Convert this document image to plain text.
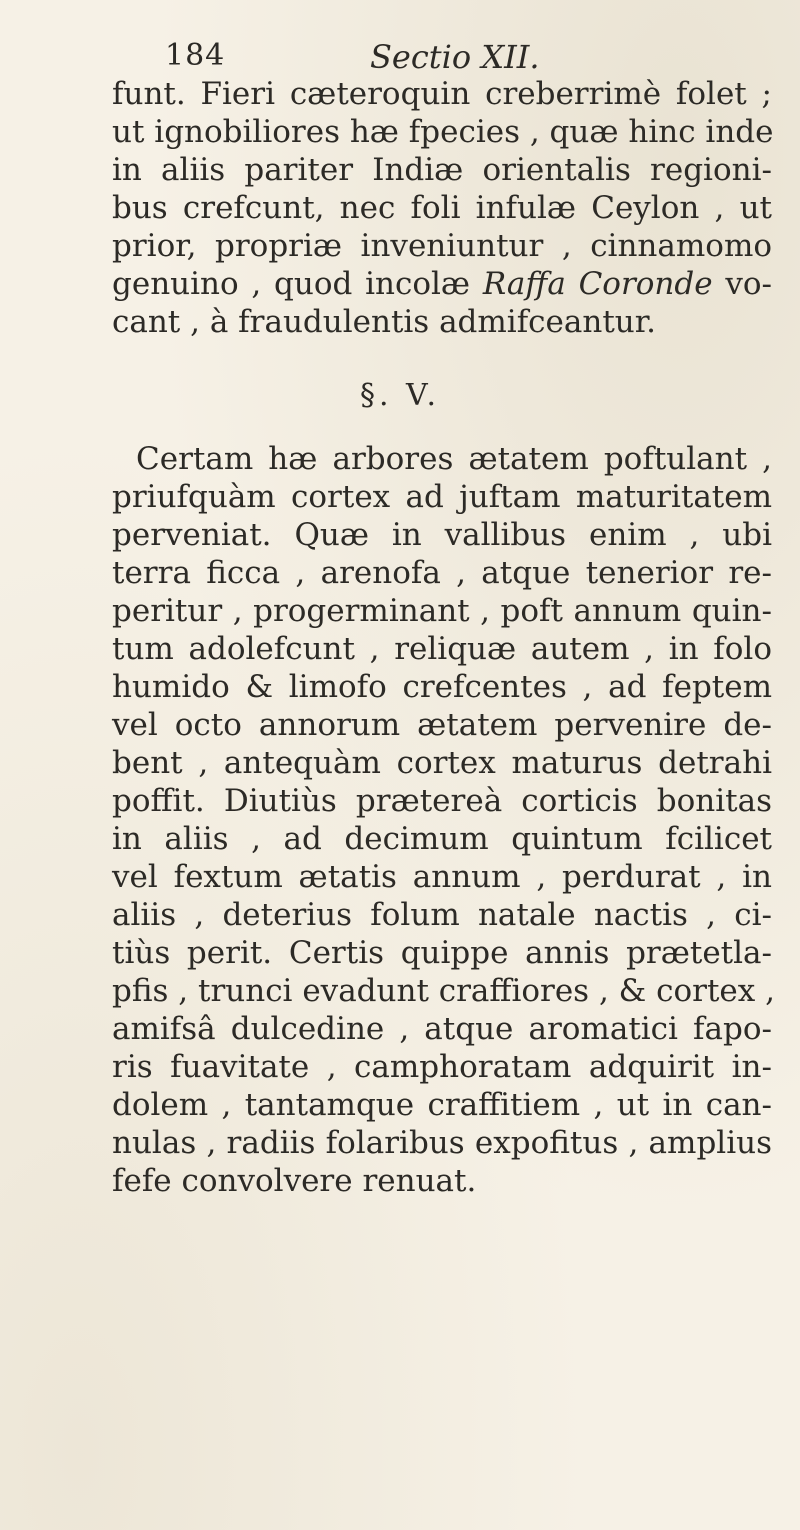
184	Sectio XII.
funt. Fieri cæteroquin creberrimè folet ;
ut ignobiliores hæ fpecies , quæ hinc inde
in aliis pariter Indiæ orientalis regioni-
bus crefcunt, nec foli infulæ Ceylon , ut
prior, propriæ inveniuntur , cinnamomo
genuino , quod incolæ Raffa Coronde vo-
cant , à fraudulentis admifceantur.
§. V.
Certam hæ arbores ætatem poftulant ,
priufquàm cortex ad juftam maturitatem
perveniat. Quæ in vallibus enim , ubi
terra ficca , arenofa , atque tenerior re-
peritur , progerminant , poft annum quin-
tum adolefcunt , reliquæ autem , in folo
humido & limofo crefcentes , ad feptem
vel octo annorum ætatem pervenire de-
bent , antequàm cortex maturus detrahi
poffit. Diutiùs prætereà corticis bonitas
in aliis , ad decimum quintum fcilicet
vel fextum ætatis annum , perdurat , in
aliis , deterius folum natale nactis , ci-
tiùs perit. Certis quippe annis prætetla-
pfis , trunci evadunt craffiores , & cortex ,
amifsâ dulcedine , atque aromatici fapo-
ris fuavitate , camphoratam adquirit in-
dolem , tantamque craffitiem , ut in can-
nulas , radiis folaribus expofitus , amplius
fefe convolvere renuat.
